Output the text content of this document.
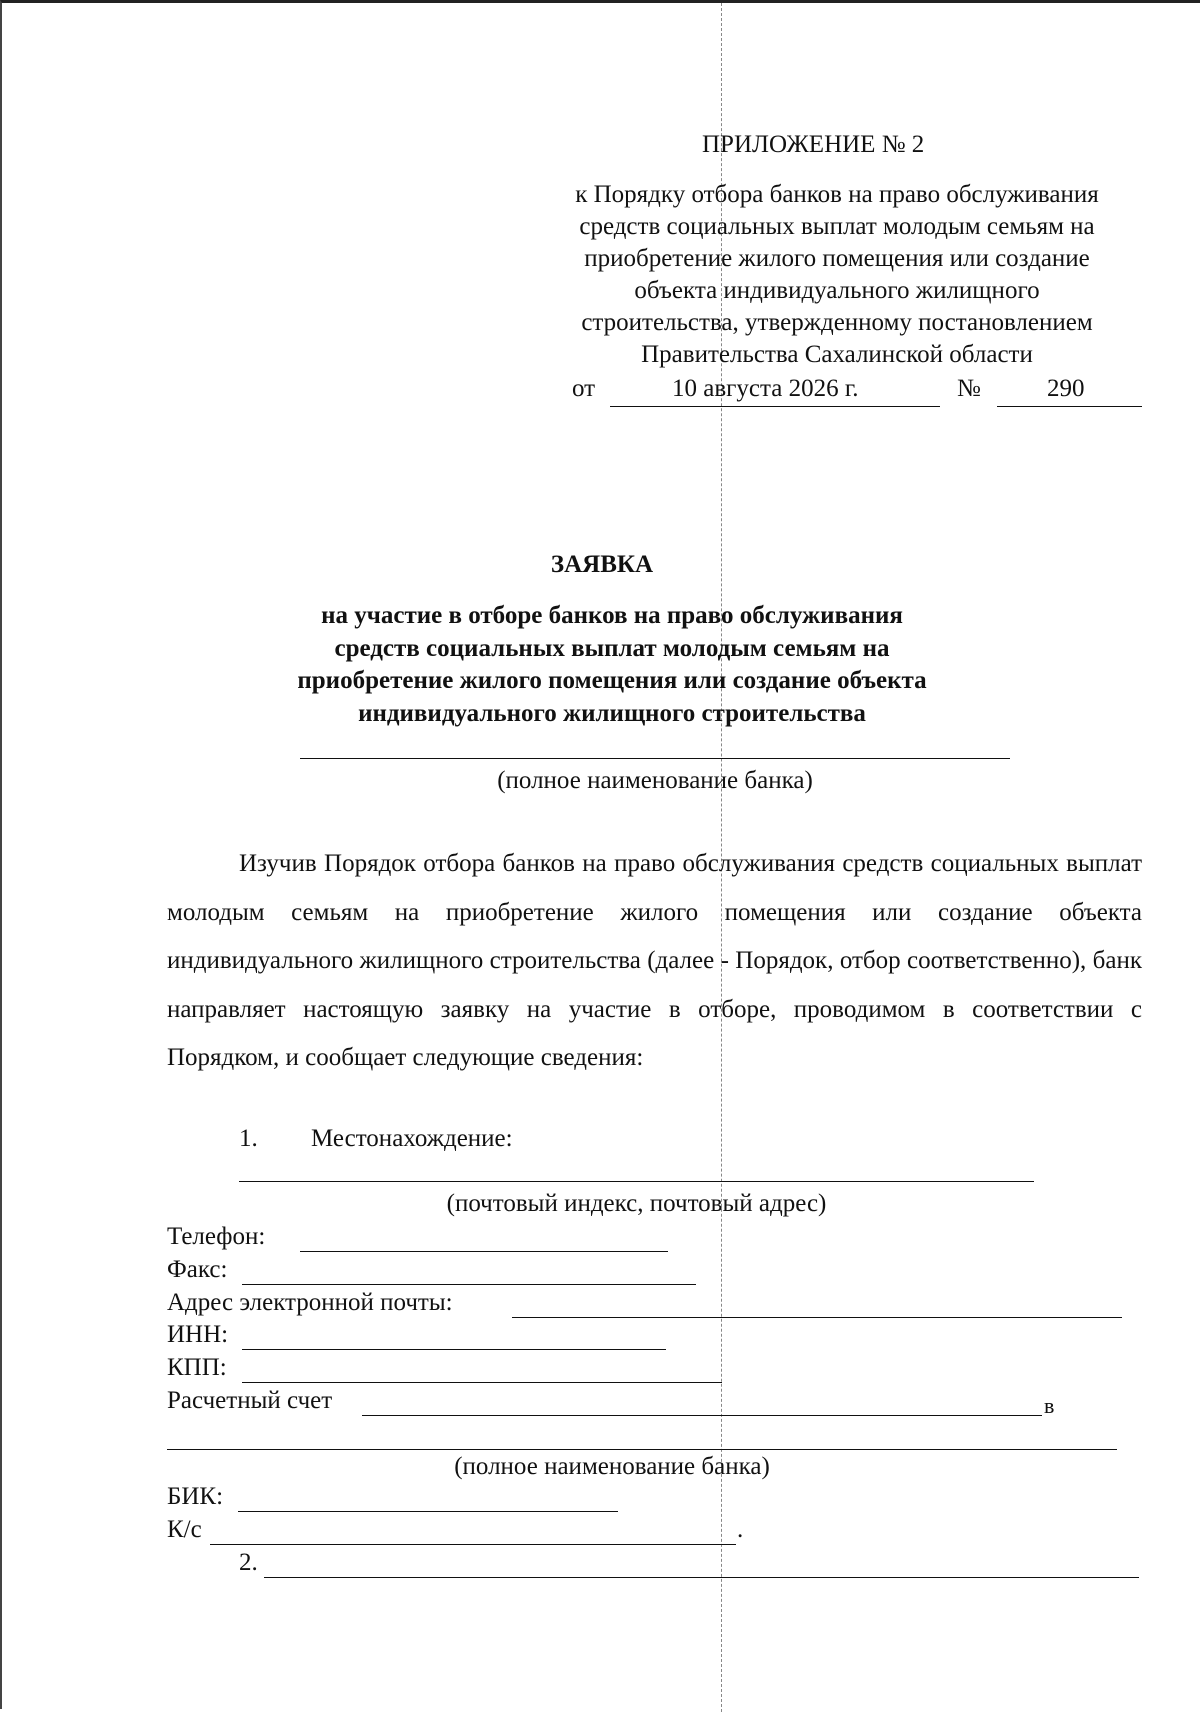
ПРИЛОЖЕНИЕ № 2
к Порядку отбора банков на право обслуживания
средств социальных выплат молодым семьям на
приобретение жилого помещения или создание
объекта индивидуального жилищного
строительства, утвержденному постановлением
Правительства Сахалинской области
от	10 августа 2026 г.	№	290
ЗАЯВКА
на участие в отборе банков на право обслуживания
средств социальных выплат молодым семьям на
приобретение жилого помещения или создание объекта
индивидуального жилищного строительства
(полное наименование банка)
Изучив Порядок отбора банков на право обслуживания средств социальных выплат молодым семьям на приобретение жилого помещения или создание объекта индивидуального жилищного строительства (далее - Порядок, отбор соответственно), банк направляет настоящую заявку на участие в отборе, проводимом в соответствии с Порядком, и сообщает следующие сведения:
1. Местонахождение:
(почтовый индекс, почтовый адрес)
Телефон:
Факс:
Адрес электронной почты:
ИНН:
КПП:
Расчетный счет	в
(полное наименование банка)
БИК:
К/с	.
2.
